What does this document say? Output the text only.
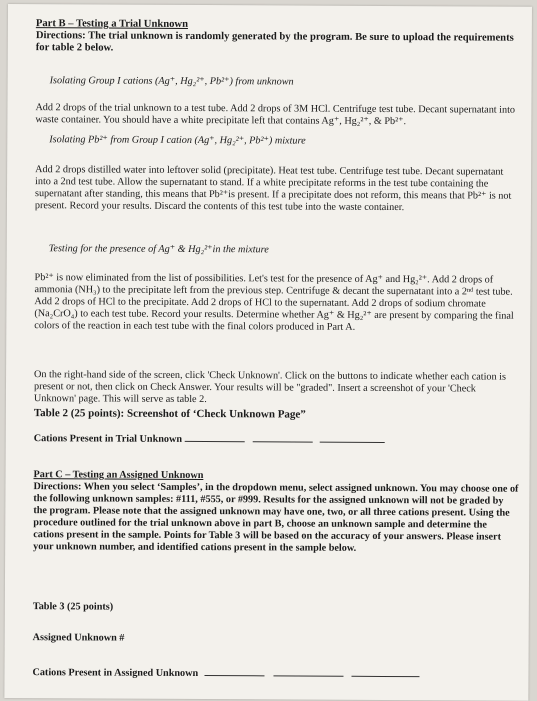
Part B – Testing a Trial Unknown

Directions: The trial unknown is randomly generated by the program. Be sure to upload the requirements for table 2 below.

Isolating Group I cations (Ag⁺, Hg₂²⁺, Pb²⁺) from unknown

Add 2 drops of the trial unknown to a test tube. Add 2 drops of 3M HCl. Centrifuge test tube. Decant supernatant into waste container. You should have a white precipitate left that contains Ag⁺, Hg₂²⁺, & Pb²⁺.

Isolating Pb²⁺ from Group I cation (Ag⁺, Hg₂²⁺, Pb²⁺) mixture

Add 2 drops distilled water into leftover solid (precipitate). Heat test tube. Centrifuge test tube. Decant supernatant into a 2nd test tube. Allow the supernatant to stand. If a white precipitate reforms in the test tube containing the supernatant after standing, this means that Pb²⁺is present. If a precipitate does not reform, this means that Pb²⁺ is not present. Record your results. Discard the contents of this test tube into the waste container.

Testing for the presence of Ag⁺ & Hg₂²⁺in the mixture

Pb²⁺ is now eliminated from the list of possibilities. Let's test for the presence of Ag⁺ and Hg₂²⁺. Add 2 drops of ammonia (NH₃) to the precipitate left from the previous step. Centrifuge & decant the supernatant into a 2ⁿᵈ test tube. Add 2 drops of HCl to the precipitate. Add 2 drops of HCl to the supernatant. Add 2 drops of sodium chromate (Na₂CrO₄) to each test tube. Record your results. Determine whether Ag⁺ & Hg₂²⁺ are present by comparing the final colors of the reaction in each test tube with the final colors produced in Part A.

On the right-hand side of the screen, click 'Check Unknown'. Click on the buttons to indicate whether each cation is present or not, then click on Check Answer. Your results will be "graded". Insert a screenshot of your 'Check Unknown' page. This will serve as table 2.

Table 2 (25 points): Screenshot of ‘Check Unknown Page”

Cations Present in Trial Unknown

Part C – Testing an Assigned Unknown

Directions: When you select ‘Samples’, in the dropdown menu, select assigned unknown. You may choose one of the following unknown samples: #111, #555, or #999. Results for the assigned unknown will not be graded by the program. Please note that the assigned unknown may have one, two, or all three cations present. Using the procedure outlined for the trial unknown above in part B, choose an unknown sample and determine the cations present in the sample. Points for Table 3 will be based on the accuracy of your answers. Please insert your unknown number, and identified cations present in the sample below.

Table 3 (25 points)

Assigned Unknown #

Cations Present in Assigned Unknown
